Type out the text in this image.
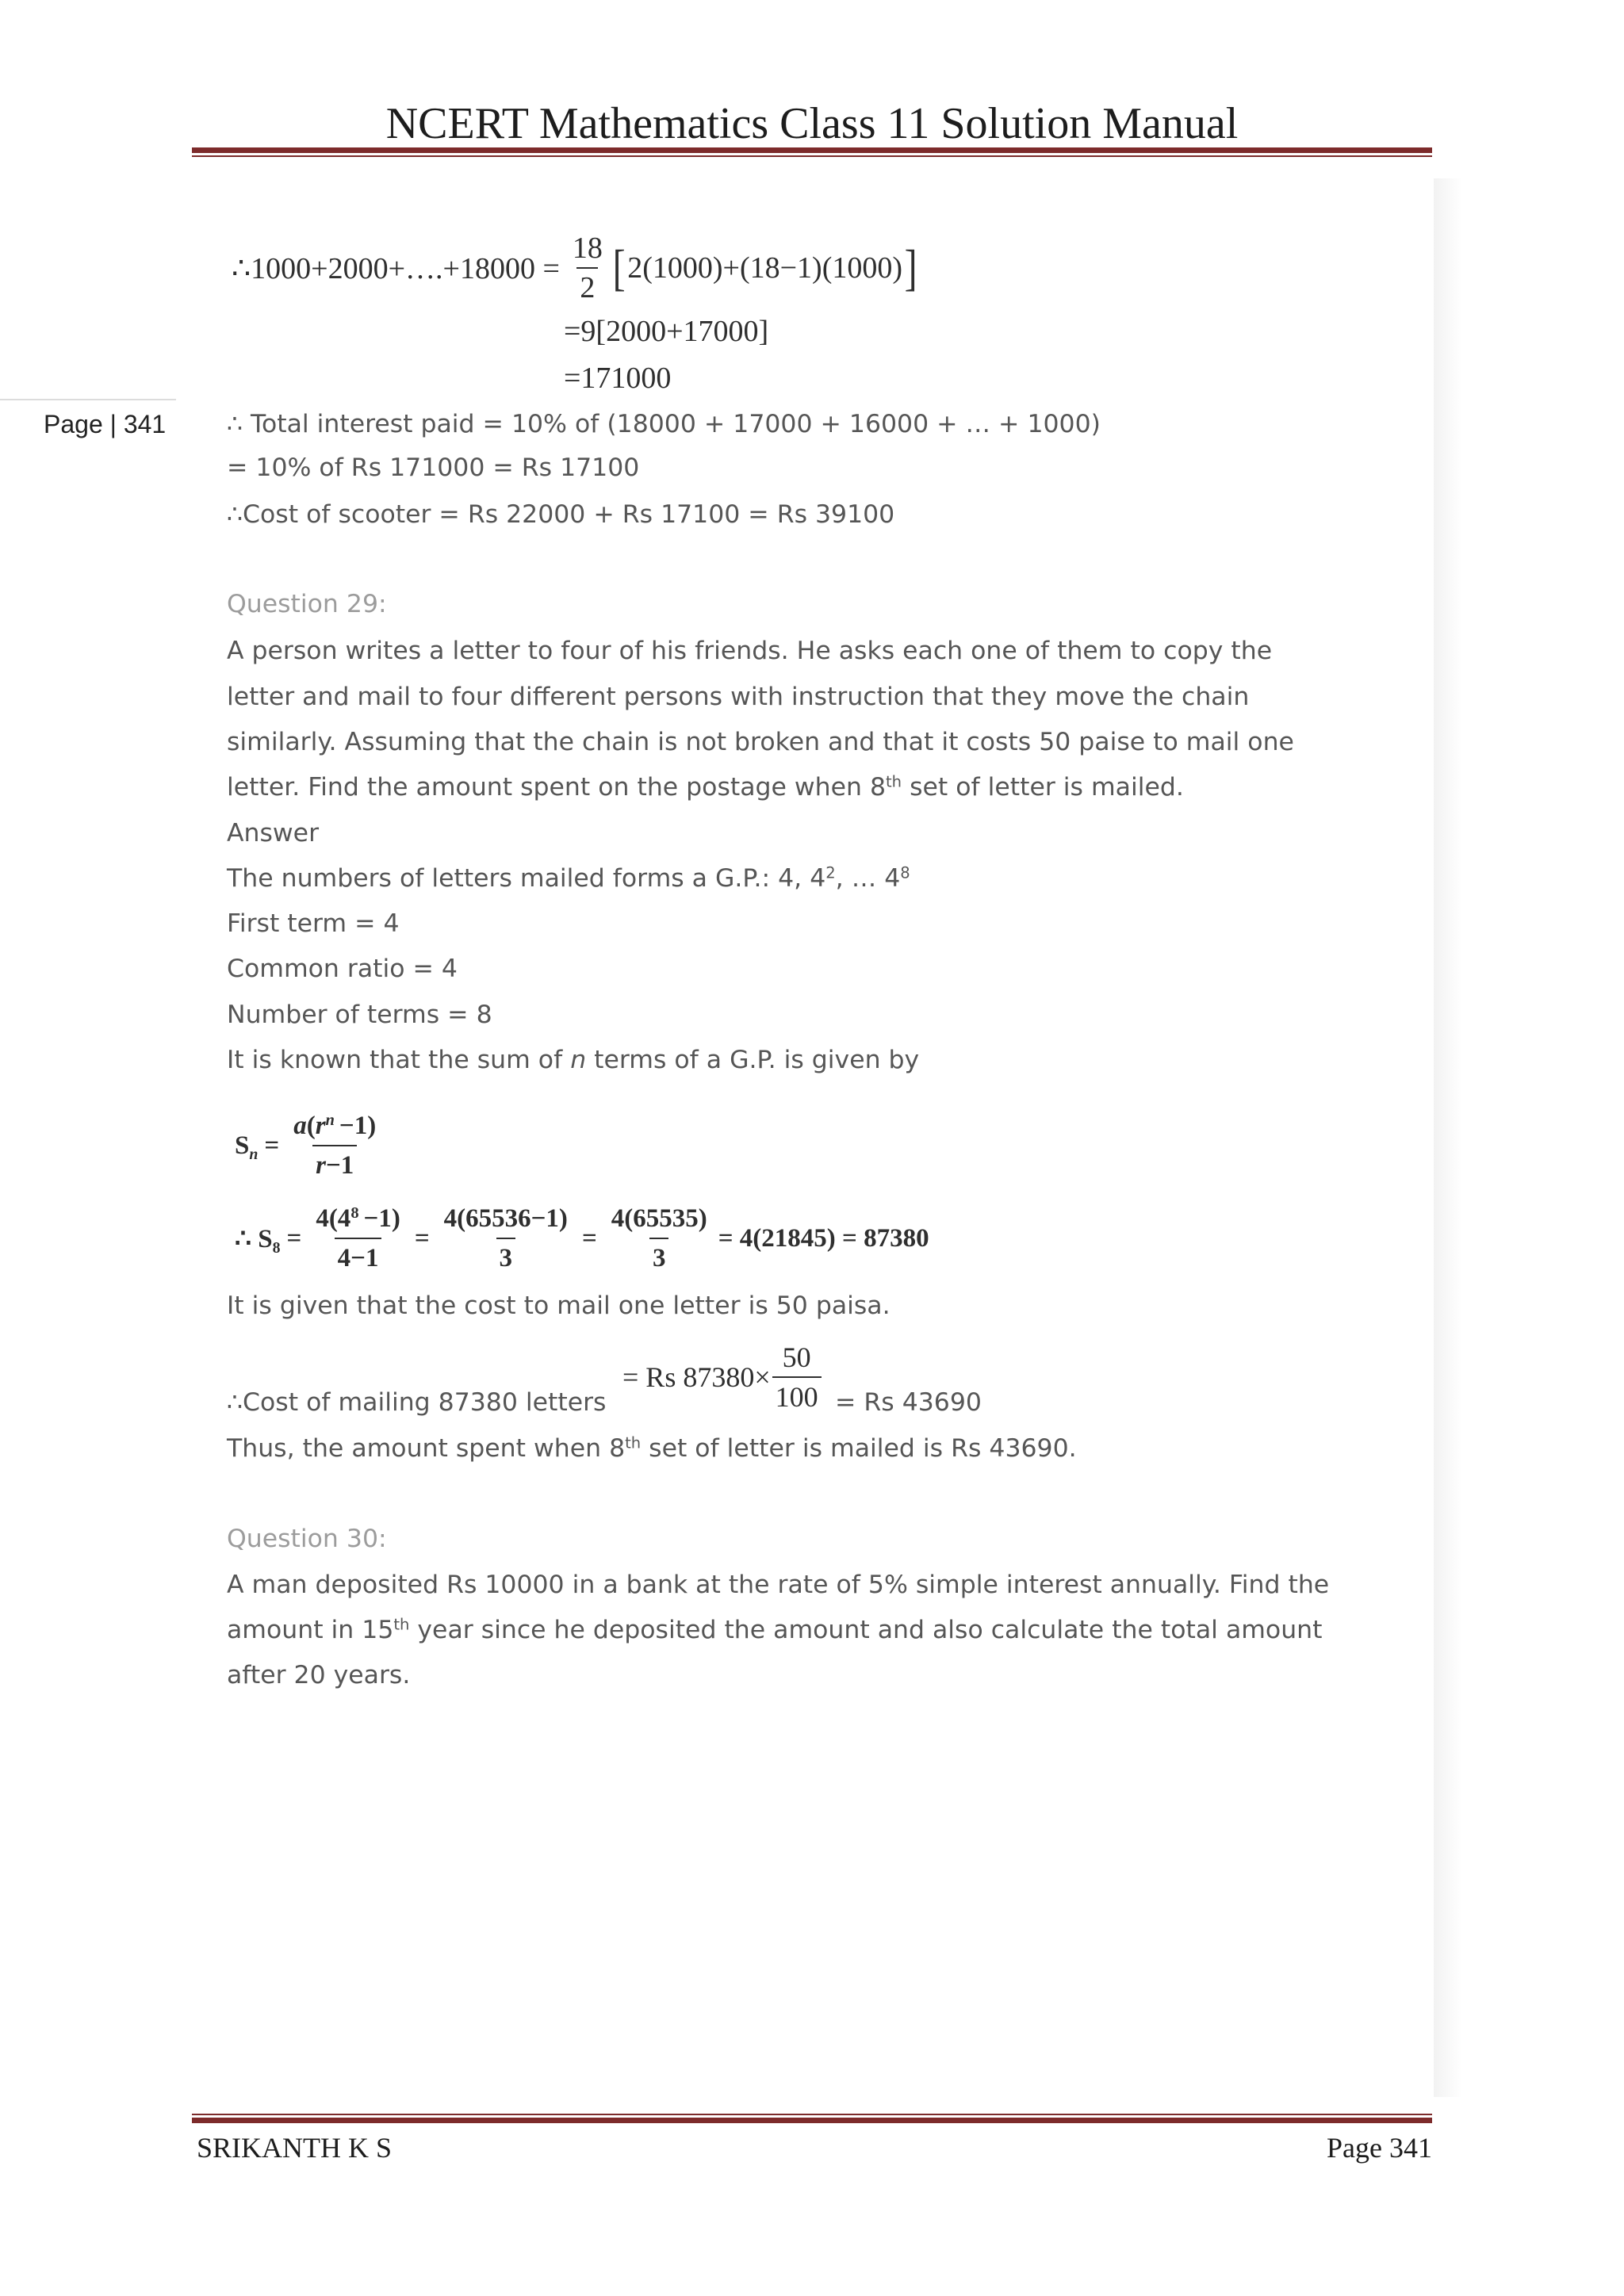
NCERT Mathematics Class 11 Solution Manual
Page | 341
∴1000+2000+….+18000 = $\frac{18}{2}$ [ 2(1000)+(18−1)(1000) ]
=9[2000+17000]
=171000
∴ Total interest paid = 10% of (18000 + 17000 + 16000 + … + 1000)
= 10% of Rs 171000 = Rs 17100
∴Cost of scooter = Rs 22000 + Rs 17100 = Rs 39100
Question 29:
A person writes a letter to four of his friends. He asks each one of them to copy the
letter and mail to four different persons with instruction that they move the chain
similarly. Assuming that the chain is not broken and that it costs 50 paise to mail one
letter. Find the amount spent on the postage when 8th set of letter is mailed.
Answer
The numbers of letters mailed forms a G.P.: 4, $4^2$, … $4^8$
First term = 4
Common ratio = 4
Number of terms = 8
It is known that the sum of n terms of a G.P. is given by
$S_n = \frac{a(r^n -1)}{r-1}$
∴ $S_8 = \frac{4(4^8 -1)}{4-1} = \frac{4(65536-1)}{3} = \frac{4(65535)}{3} = 4(21845) = 87380$
It is given that the cost to mail one letter is 50 paisa.
∴Cost of mailing 87380 letters
= Rs $87380\times \frac{50}{100} = Rs$ 43690
Thus, the amount spent when 8th set of letter is mailed is Rs 43690.
Question 30:
A man deposited Rs 10000 in a bank at the rate of 5% simple interest annually. Find the
amount in 15th year since he deposited the amount and also calculate the total amount
after 20 years.
SRIKANTH K S	Page 341
